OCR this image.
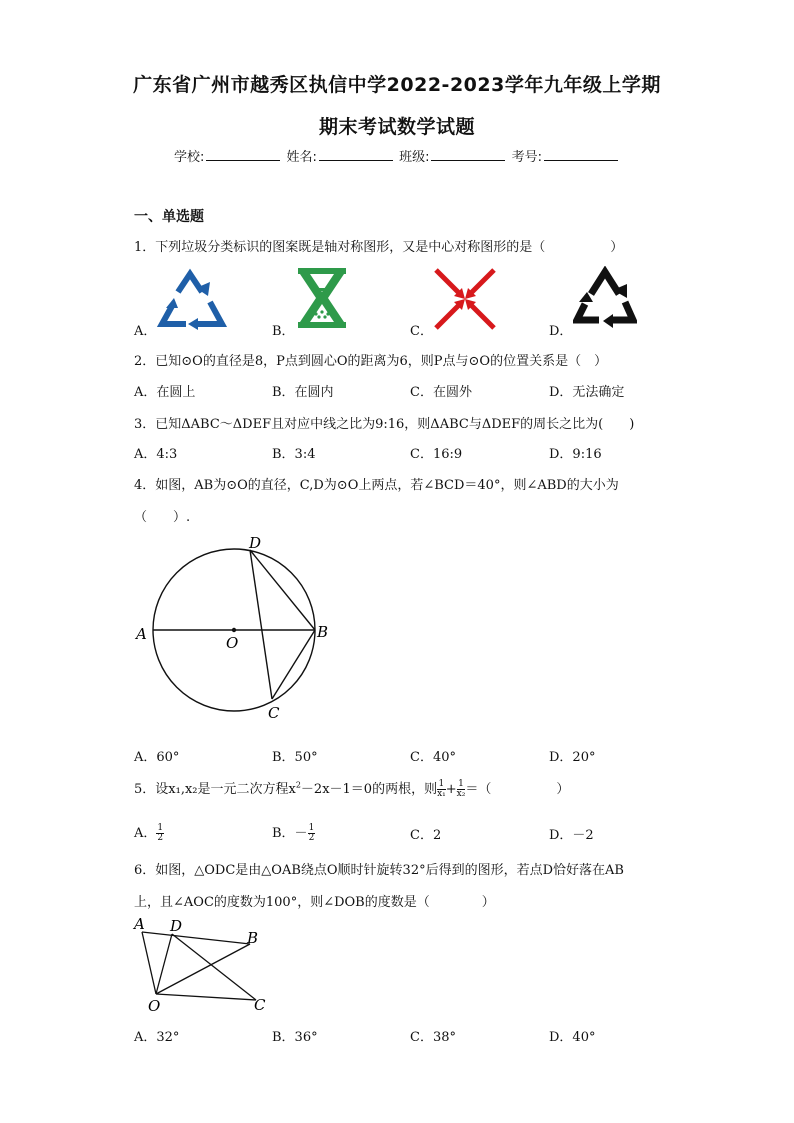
广东省广州市越秀区执信中学2022-2023学年九年级上学期
期末考试数学试题
学校:	姓名:	班级:	考号:
一、单选题
1．下列垃圾分类标识的图案既是轴对称图形，又是中心对称图形的是（　　　　　）
A．	B．	C．	D．
2．已知⊙O的直径是8，P点到圆心O的距离为6，则P点与⊙O的位置关系是（　）
A．在圆上	B．在圆内	C．在圆外	D．无法确定
3．已知ΔABC～ΔDEF且对应中线之比为9:16，则ΔABC与ΔDEF的周长之比为(　　)
A．4:3	B．3:4	C．16:9	D．9:16
4．如图，AB为⊙O的直径，C,D为⊙O上两点，若∠BCD＝40°，则∠ABD的大小为
（　　）.
A	O
B
D
C
A．60°	B．50°	C．40°	D．20°
5．设x₁,x₂是一元二次方程$x^2-2x-1=0$的两根，则 $\frac{1}{\text{x₁}} + \frac{1}{\text{x₂}}$ ＝（　　　　　）
A． $\frac{1}{2}$	B．－ $\frac{1}{2}$	C．2	D．－2
6．如图，△ODC是由△OAB绕点O顺时针旋转32°后得到的图形，若点D恰好落在AB
上，且∠AOC的度数为100°，则∠DOB的度数是（　　　　）
A D
B
O	C
A．32°	B．36°	C．38°	D．40°
